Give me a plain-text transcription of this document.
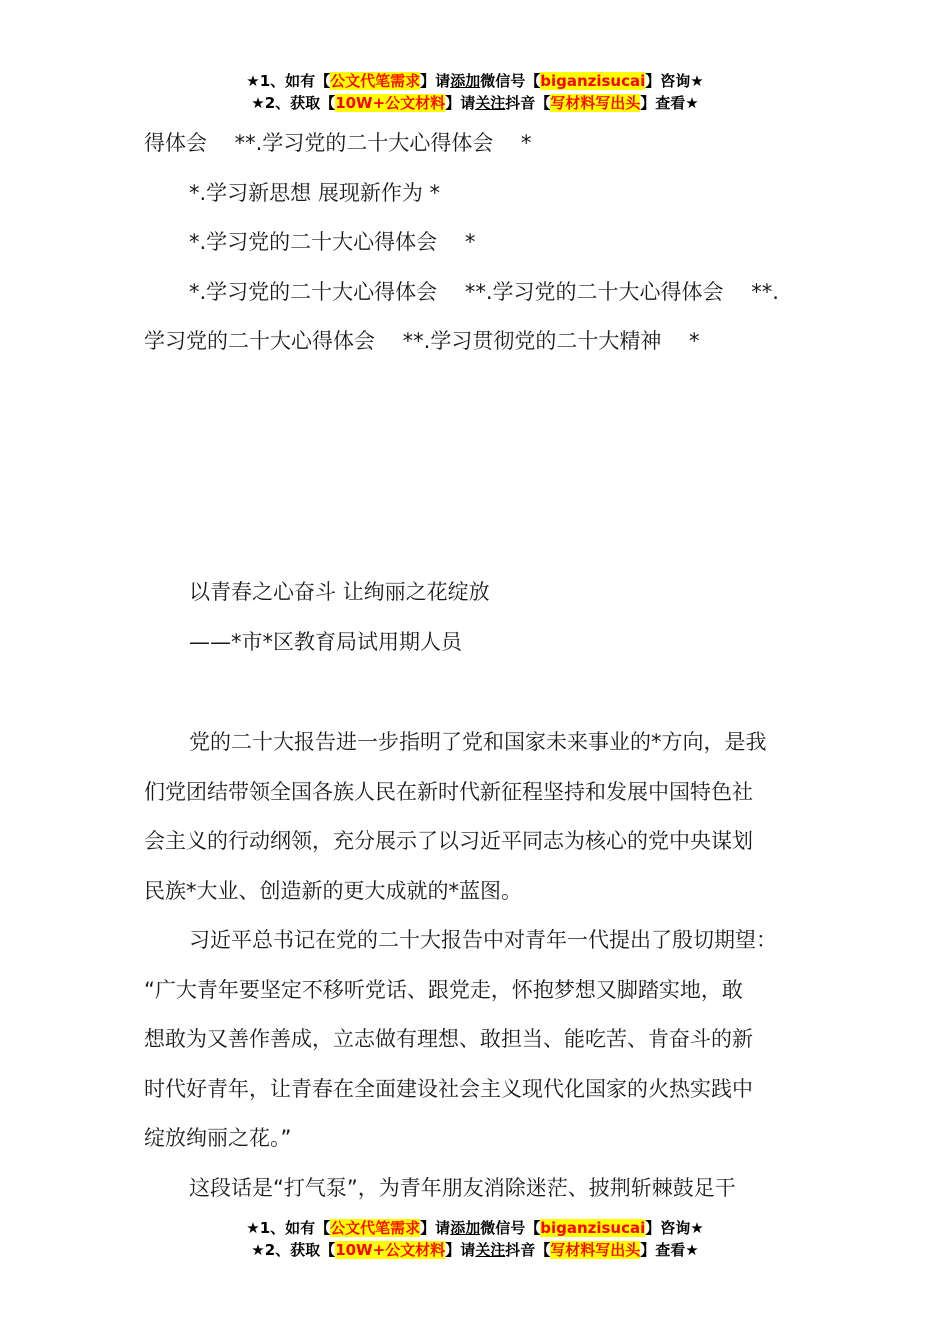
★1、如有【公文代笔需求】请添加微信号【biganzisucai】咨询★
★2、获取【10W+公文材料】请关注抖音【写材料写出头】查看★

得体会　 **.学习党的二十大心得体会　 *

*.学习新思想 展现新作为 *

*.学习党的二十大心得体会　 *

*.学习党的二十大心得体会　 **.学习党的二十大心得体会　 **.

学习党的二十大心得体会　 **.学习贯彻党的二十大精神　 *

以青春之心奋斗 让绚丽之花绽放

——*市*区教育局试用期人员

党的二十大报告进一步指明了党和国家未来事业的*方向，是我

们党团结带领全国各族人民在新时代新征程坚持和发展中国特色社

会主义的行动纲领，充分展示了以习近平同志为核心的党中央谋划

民族*大业、创造新的更大成就的*蓝图。

习近平总书记在党的二十大报告中对青年一代提出了殷切期望：

“广大青年要坚定不移听党话、跟党走，怀抱梦想又脚踏实地，敢

想敢为又善作善成，立志做有理想、敢担当、能吃苦、肯奋斗的新

时代好青年，让青春在全面建设社会主义现代化国家的火热实践中

绽放绚丽之花。”

这段话是“打气泵”，为青年朋友消除迷茫、披荆斩棘鼓足干

★1、如有【公文代笔需求】请添加微信号【biganzisucai】咨询★
★2、获取【10W+公文材料】请关注抖音【写材料写出头】查看★
